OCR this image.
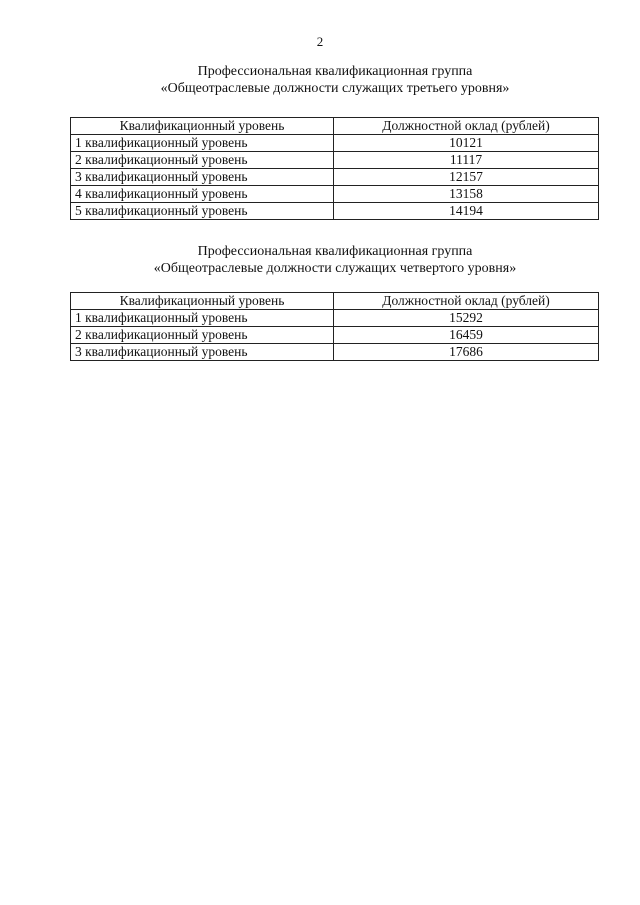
2
Профессиональная квалификационная группа
«Общеотраслевые должности служащих третьего уровня»
Квалификационный уровень	Должностной оклад (рублей)
1 квалификационный уровень	10121
2 квалификационный уровень	11117
3 квалификационный уровень	12157
4 квалификационный уровень	13158
5 квалификационный уровень	14194
Профессиональная квалификационная группа
«Общеотраслевые должности служащих четвертого уровня»
Квалификационный уровень	Должностной оклад (рублей)
1 квалификационный уровень	15292
2 квалификационный уровень	16459
3 квалификационный уровень	17686
